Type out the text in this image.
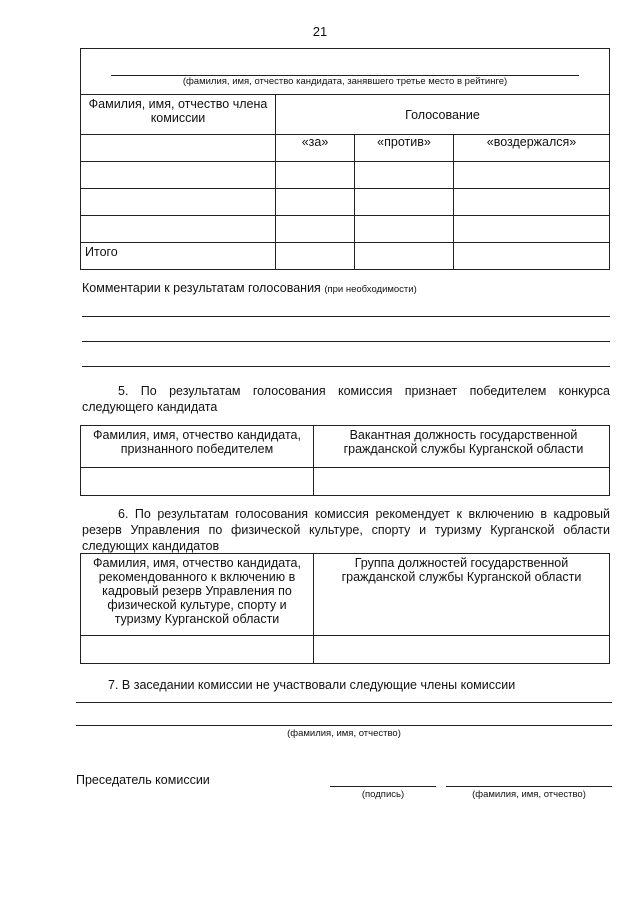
21
(фамилия, имя, отчество кандидата, занявшего третье место в рейтинге)			

Фамилия, имя, отчество члена комиссии	Голосование		
	«за»	«против»	«воздержался»

Итого			
Комментарии к результатам голосования (при необходимости)
5. По результатам голосования комиссия признает победителем конкурса следующего кандидата
Фамилия, имя, отчество кандидата, признанного победителем	Вакантная должность государственной гражданской службы Курганской области

6. По результатам голосования комиссия рекомендует к включению в кадровый резерв Управления по физической культуре, спорту и туризму Курганской области следующих кандидатов
Фамилия, имя, отчество кандидата, рекомендованного к включению в кадровый резерв Управления по физической культуре, спорту и туризму Курганской области	Группа должностей государственной гражданской службы Курганской области

7. В заседании комиссии не участвовали следующие члены комиссии
(фамилия, имя, отчество)
Преседатель комиссии
(подпись)	(фамилия, имя, отчество)
